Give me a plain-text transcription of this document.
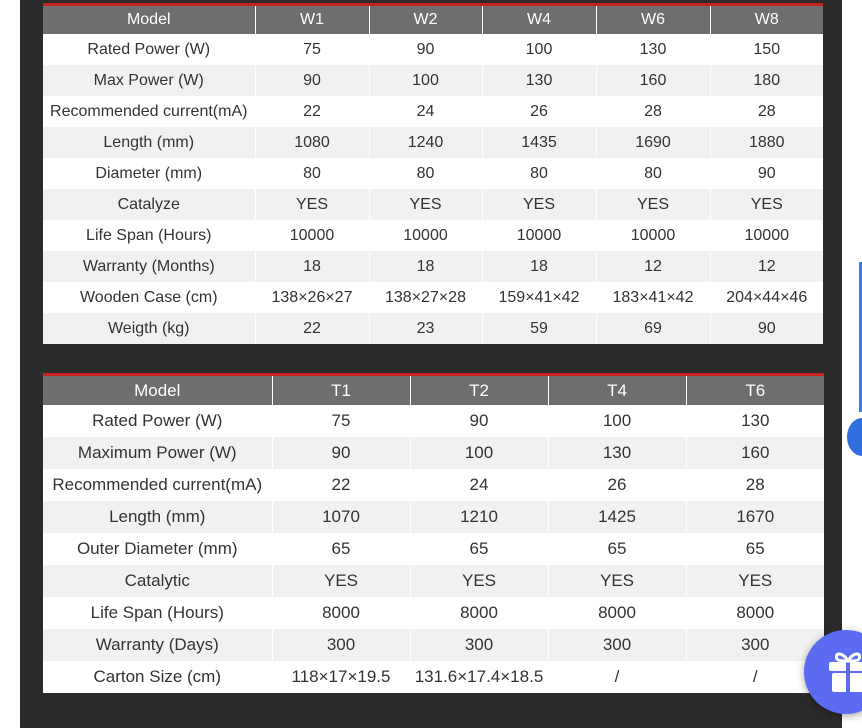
Model	W1	W2	W4	W6	W8
Rated Power (W)	75	90	100	130	150
Max Power (W)	90	100	130	160	180
Recommended current(mA)	22	24	26	28	28
Length (mm)	1080	1240	1435	1690	1880
Diameter (mm)	80	80	80	80	90
Catalyze	YES	YES	YES	YES	YES
Life Span (Hours)	10000	10000	10000	10000	10000
Warranty (Months)	18	18	18	12	12
Wooden Case (cm)	138×26×27	138×27×28	159×41×42	183×41×42	204×44×46
Weigth (kg)	22	23	59	69	90
Model	T1	T2	T4	T6
Rated Power (W)	75	90	100	130
Maximum Power (W)	90	100	130	160
Recommended current(mA)	22	24	26	28
Length (mm)	1070	1210	1425	1670
Outer Diameter (mm)	65	65	65	65
Catalytic	YES	YES	YES	YES
Life Span (Hours)	8000	8000	8000	8000
Warranty (Days)	300	300	300	300
Carton Size (cm)	118×17×19.5	131.6×17.4×18.5	/	/
